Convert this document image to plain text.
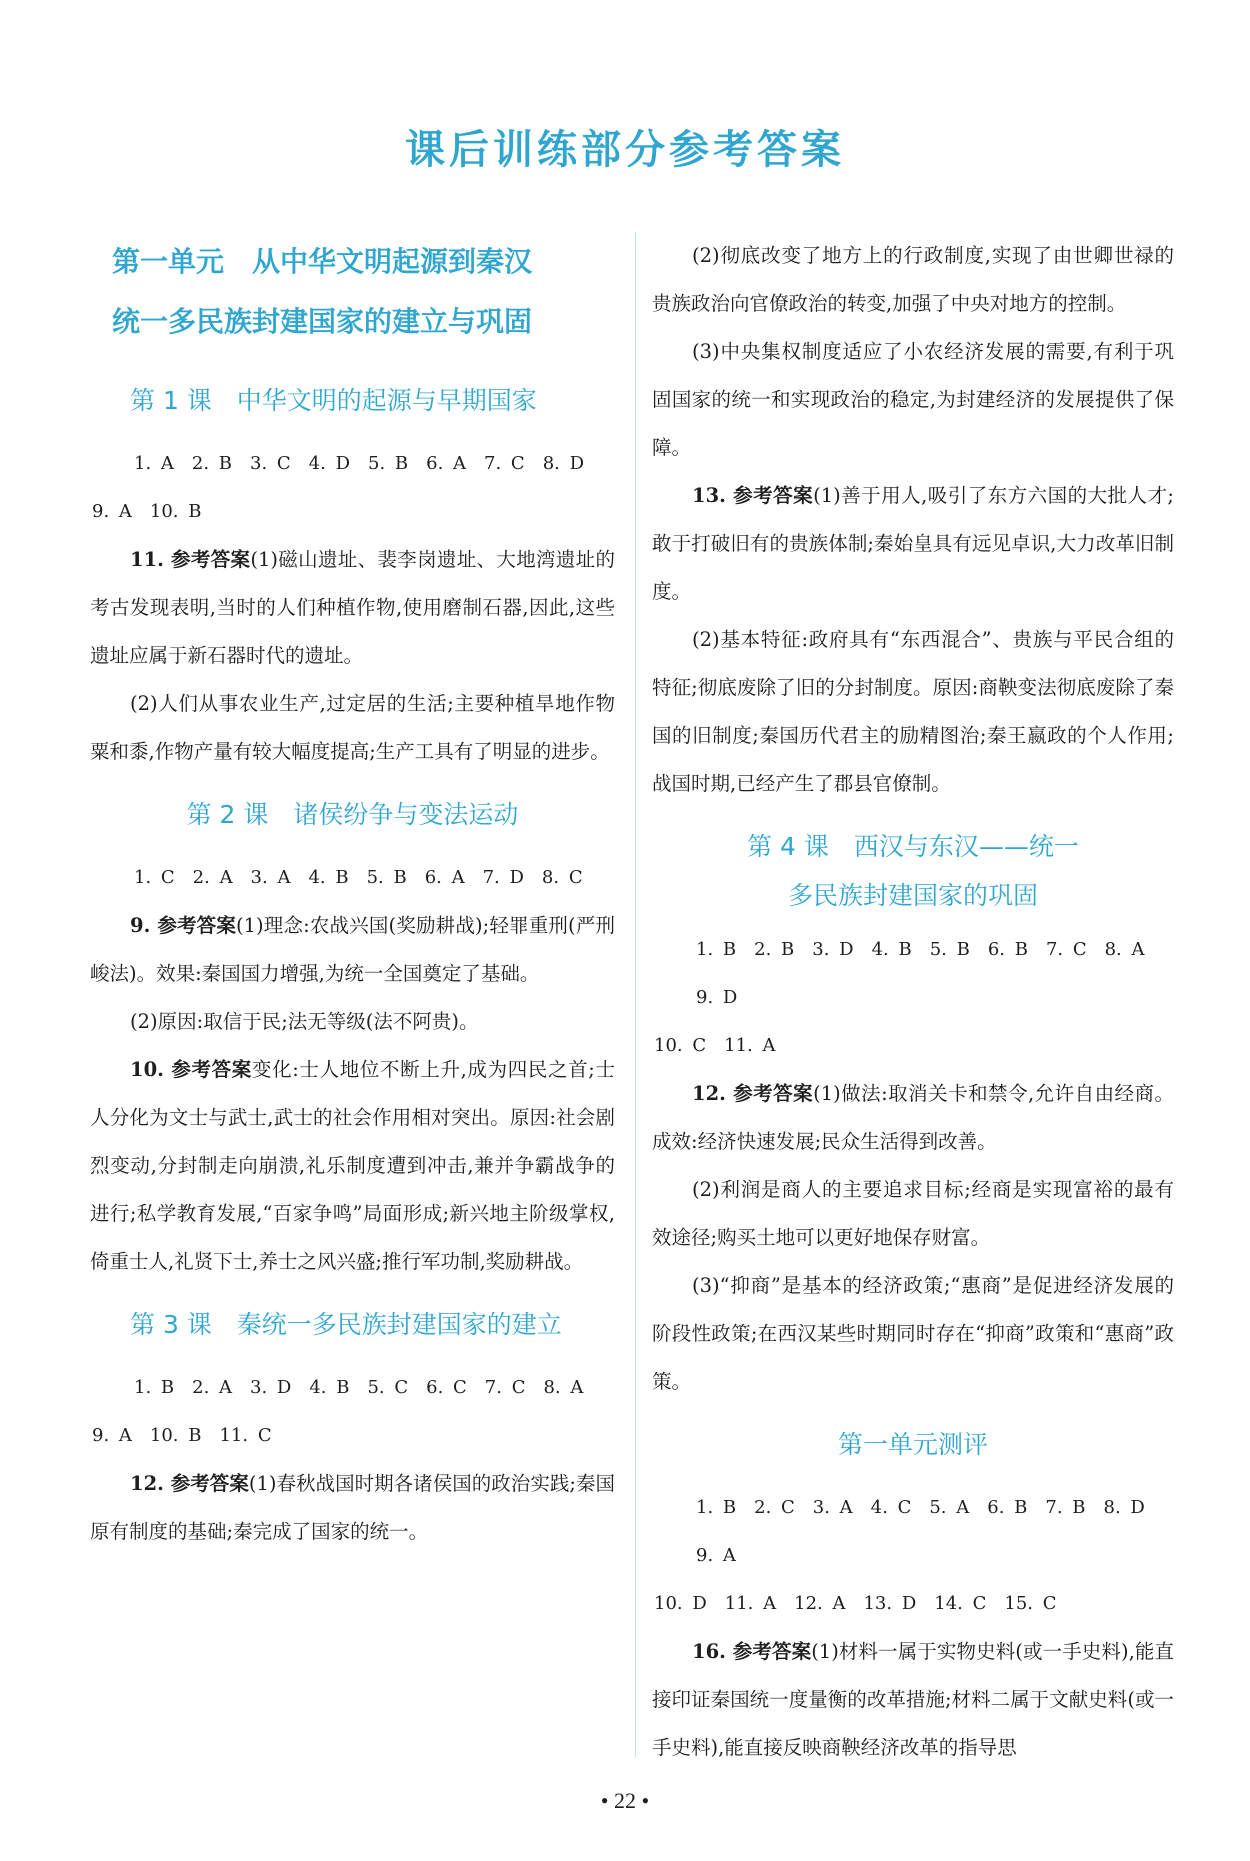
课后训练部分参考答案
第一单元　从中华文明起源到秦汉
统一多民族封建国家的建立与巩固
第 1 课　中华文明的起源与早期国家
1. A　2. B　3. C　4. D　5. B　6. A　7. C　8. D
9. A　10. B

11. 参考答案(1)磁山遗址、裴李岗遗址、大地湾遗址的考古发现表明,当时的人们种植作物,使用磨制石器,因此,这些遗址应属于新石器时代的遗址。

(2)人们从事农业生产,过定居的生活;主要种植旱地作物粟和黍,作物产量有较大幅度提高;生产工具有了明显的进步。

第 2 课　诸侯纷争与变法运动
1. C　2. A　3. A　4. B　5. B　6. A　7. D　8. C

9. 参考答案(1)理念:农战兴国(奖励耕战);轻罪重刑(严刑峻法)。效果:秦国国力增强,为统一全国奠定了基础。

(2)原因:取信于民;法无等级(法不阿贵)。

10. 参考答案变化:士人地位不断上升,成为四民之首;士人分化为文士与武士,武士的社会作用相对突出。原因:社会剧烈变动,分封制走向崩溃,礼乐制度遭到冲击,兼并争霸战争的进行;私学教育发展,“百家争鸣”局面形成;新兴地主阶级掌权,倚重士人,礼贤下士,养士之风兴盛;推行军功制,奖励耕战。

第 3 课　秦统一多民族封建国家的建立
1. B　2. A　3. D　4. B　5. C　6. C　7. C　8. A
9. A　10. B　11. C

12. 参考答案(1)春秋战国时期各诸侯国的政治实践;秦国原有制度的基础;秦完成了国家的统一。

(2)彻底改变了地方上的行政制度,实现了由世卿世禄的贵族政治向官僚政治的转变,加强了中央对地方的控制。

(3)中央集权制度适应了小农经济发展的需要,有利于巩固国家的统一和实现政治的稳定,为封建经济的发展提供了保障。

13. 参考答案(1)善于用人,吸引了东方六国的大批人才;敢于打破旧有的贵族体制;秦始皇具有远见卓识,大力改革旧制度。

(2)基本特征:政府具有“东西混合”、贵族与平民合组的特征;彻底废除了旧的分封制度。原因:商鞅变法彻底废除了秦国的旧制度;秦国历代君主的励精图治;秦王嬴政的个人作用;战国时期,已经产生了郡县官僚制。

第 4 课　西汉与东汉——统一
多民族封建国家的巩固
1. B　2. B　3. D　4. B　5. B　6. B　7. C　8. A　9. D
10. C　11. A

12. 参考答案(1)做法:取消关卡和禁令,允许自由经商。成效:经济快速发展;民众生活得到改善。

(2)利润是商人的主要追求目标;经商是实现富裕的最有效途径;购买土地可以更好地保存财富。

(3)“抑商”是基本的经济政策;“惠商”是促进经济发展的阶段性政策;在西汉某些时期同时存在“抑商”政策和“惠商”政策。

第一单元测评
1. B　2. C　3. A　4. C　5. A　6. B　7. B　8. D　9. A
10. D　11. A　12. A　13. D　14. C　15. C

16. 参考答案(1)材料一属于实物史料(或一手史料),能直接印证秦国统一度量衡的改革措施;材料二属于文献史料(或一手史料),能直接反映商鞅经济改革的指导思

• 22 •
